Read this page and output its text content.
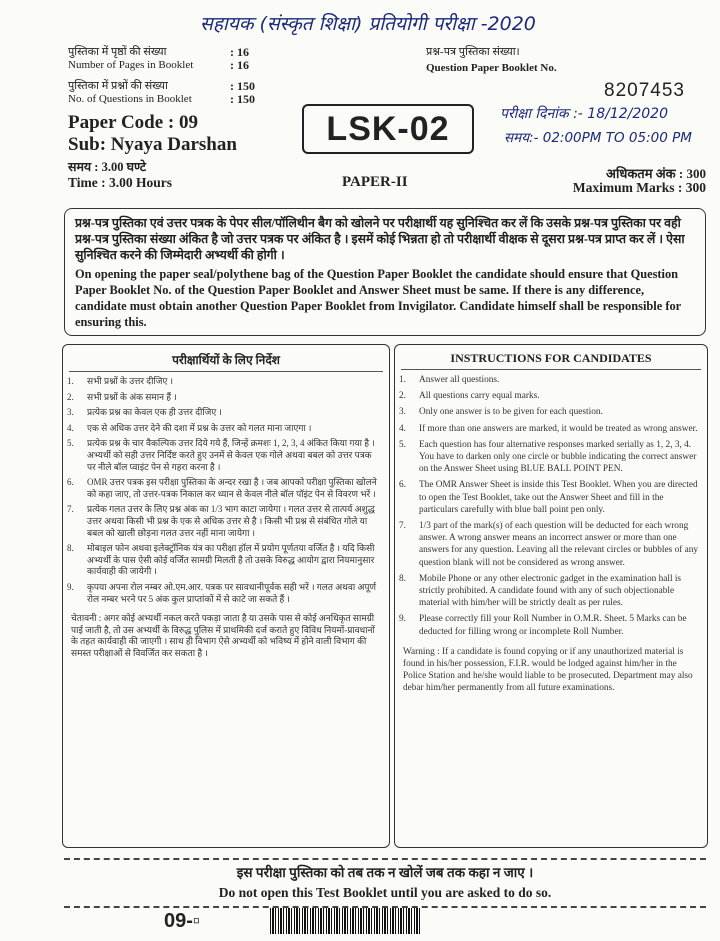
सहायक (संस्कृत शिक्षा) प्रतियोगी परीक्षा -2020
पुस्तिका में पृष्ठों की संख्या	: 16
Number of Pages in Booklet	: 16
पुस्तिका में प्रश्नों की संख्या	: 150
No. of Questions in Booklet	: 150
Paper Code : 09
Sub: Nyaya Darshan
समय : 3.00 घण्टे
Time : 3.00 Hours
प्रश्न-पत्र पुस्तिका संख्या।
Question Paper Booklet No.
8207453
LSK-02	परीक्षा दिनांक :- 18/12/2020
समय:- 02:00PM TO 05:00 PM
PAPER-II
अधिकतम अंक : 300
Maximum Marks : 300

प्रश्न-पत्र पुस्तिका एवं उत्तर पत्रक के पेपर सील/पॉलिथीन बैग को खोलने पर परीक्षार्थी यह सुनिश्चित कर लें कि उसके प्रश्न-पत्र पुस्तिका पर वही प्रश्न-पत्र पुस्तिका संख्या अंकित है जो उत्तर पत्रक पर अंकित है । इसमें कोई भिन्नता हो तो परीक्षार्थी वीक्षक से दूसरा प्रश्न-पत्र प्राप्त कर लें । ऐसा सुनिश्चित करने की जिम्मेदारी अभ्यर्थी की होगी ।

On opening the paper seal/polythene bag of the Question Paper Booklet the candidate should ensure that Question Paper Booklet No. of the Question Paper Booklet and Answer Sheet must be same. If there is any difference, candidate must obtain another Question Paper Booklet from Invigilator. Candidate himself shall be responsible for ensuring this.

परीक्षार्थियों के लिए निर्देश
1.	सभी प्रश्नों के उत्तर दीजिए ।
2.	सभी प्रश्नों के अंक समान हैं ।
3.	प्रत्येक प्रश्न का केवल एक ही उत्तर दीजिए ।
4.	एक से अधिक उत्तर देने की दशा में प्रश्न के उत्तर को गलत माना जाएगा ।
5.	प्रत्येक प्रश्न के चार वैकल्पिक उत्तर दिये गये हैं, जिन्हें क्रमशः 1, 2, 3, 4 अंकित किया गया है । अभ्यर्थी को सही उत्तर निर्दिष्ट करते हुए उनमें से केवल एक गोले अथवा बबल को उत्तर पत्रक पर नीले बॉल प्वाइंट पेन से गहरा करना है ।
6.	OMR उत्तर पत्रक इस परीक्षा पुस्तिका के अन्दर रखा है । जब आपको परीक्षा पुस्तिका खोलने को कहा जाए, तो उत्तर-पत्रक निकाल कर ध्यान से केवल नीले बॉल पॉइंट पेन से विवरण भरें ।
7.	प्रत्येक गलत उत्तर के लिए प्रश्न अंक का 1/3 भाग काटा जायेगा । गलत उत्तर से तात्पर्य अशुद्ध उत्तर अथवा किसी भी प्रश्न के एक से अधिक उत्तर से है । किसी भी प्रश्न से संबंधित गोले या बबल को खाली छोड़ना गलत उत्तर नहीं माना जायेगा ।
8.	मोबाइल फोन अथवा इलेक्ट्रॉनिक यंत्र का परीक्षा हॉल में प्रयोग पूर्णतया वर्जित है । यदि किसी अभ्यर्थी के पास ऐसी कोई वर्जित सामग्री मिलती है तो उसके विरुद्ध आयोग द्वारा नियमानुसार कार्यवाही की जायेगी ।
9.	कृपया अपना रोल नम्बर ओ.एम.आर. पत्रक पर सावधानीपूर्वक सही भरें । गलत अथवा अपूर्ण रोल नम्बर भरने पर 5 अंक कुल प्राप्तांकों में से काटे जा सकते हैं ।
चेतावनी : अगर कोई अभ्यर्थी नकल करते पकड़ा जाता है या उसके पास से कोई अनधिकृत सामग्री पाई जाती है, तो उस अभ्यर्थी के विरुद्ध पुलिस में प्राथमिकी दर्ज कराते हुए विविध नियमों-प्रावधानों के तहत कार्यवाही की जाएगी । साथ ही विभाग ऐसे अभ्यर्थी को भविष्य में होने वाली विभाग की समस्त परीक्षाओं से विवर्जित कर सकता है ।
INSTRUCTIONS FOR CANDIDATES
1.	Answer all questions.
2.	All questions carry equal marks.
3.	Only one answer is to be given for each question.
4.	If more than one answers are marked, it would be treated as wrong answer.
5.	Each question has four alternative responses marked serially as 1, 2, 3, 4. You have to darken only one circle or bubble indicating the correct answer on the Answer Sheet using BLUE BALL POINT PEN.
6.	The OMR Answer Sheet is inside this Test Booklet. When you are directed to open the Test Booklet, take out the Answer Sheet and fill in the particulars carefully with blue ball point pen only.
7.	1/3 part of the mark(s) of each question will be deducted for each wrong answer. A wrong answer means an incorrect answer or more than one answers for any question. Leaving all the relevant circles or bubbles of any question blank will not be considered as wrong answer.
8.	Mobile Phone or any other electronic gadget in the examination hall is strictly prohibited. A candidate found with any of such objectionable material with him/her will be strictly dealt as per rules.
9.	Please correctly fill your Roll Number in O.M.R. Sheet. 5 Marks can be deducted for filling wrong or incomplete Roll Number.
Warning : If a candidate is found copying or if any unauthorized material is found in his/her possession, F.I.R. would be lodged against him/her in the Police Station and he/she would liable to be prosecuted. Department may also debar him/her permanently from all future examinations.
इस परीक्षा पुस्तिका को तब तक न खोलें जब तक कहा न जाए ।
Do not open this Test Booklet until you are asked to do so.
09-▫
